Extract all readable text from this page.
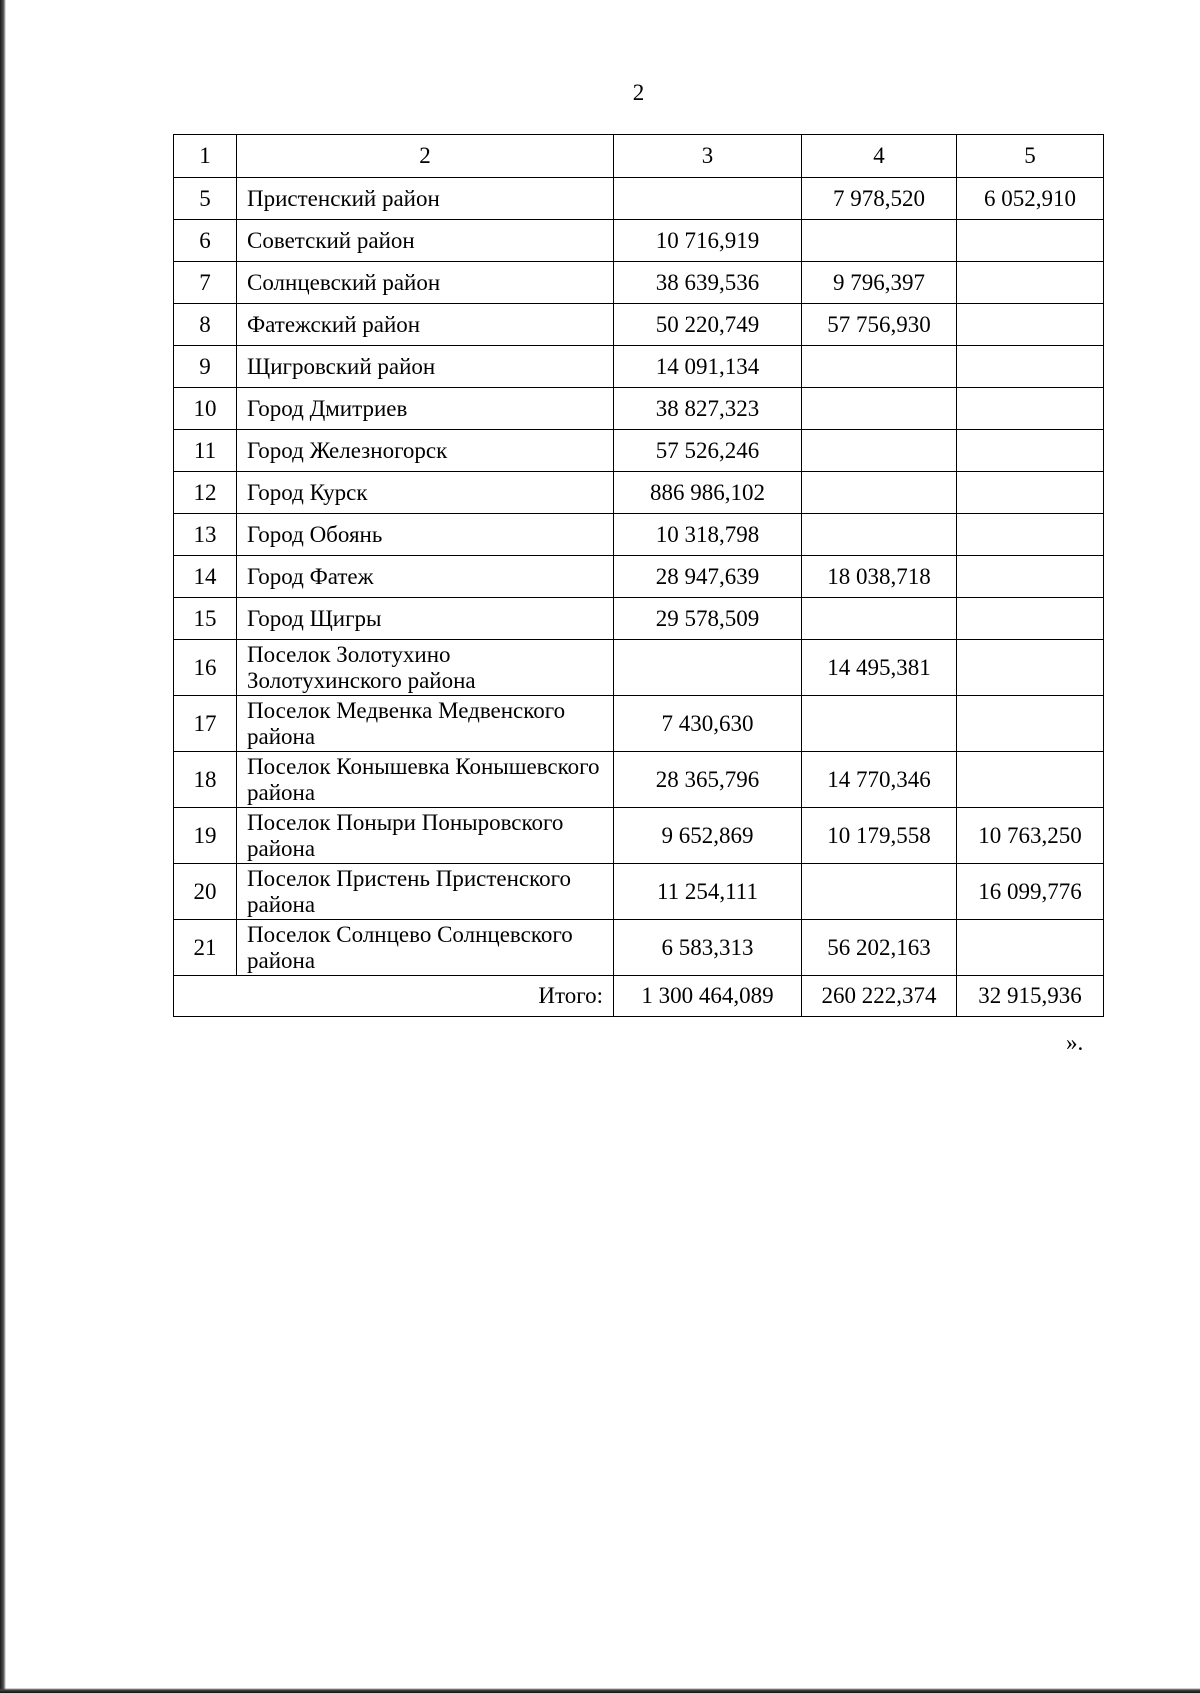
2
1	2	3	4	5
5	Пристенский район		7 978,520	6 052,910
6	Советский район	10 716,919		
7	Солнцевский район	38 639,536	9 796,397	
8	Фатежский район	50 220,749	57 756,930	
9	Щигровский район	14 091,134		
10	Город Дмитриев	38 827,323		
11	Город Железногорск	57 526,246		
12	Город Курск	886 986,102		
13	Город Обоянь	10 318,798		
14	Город Фатеж	28 947,639	18 038,718	
15	Город Щигры	29 578,509		
16	Поселок Золотухино Золотухинского района		14 495,381	
17	Поселок Медвенка Медвенского района	7 430,630		
18	Поселок Конышевка Конышевского района	28 365,796	14 770,346	
19	Поселок Поныри Поныровского района	9 652,869	10 179,558	10 763,250
20	Поселок Пристень Пристенского района	11 254,111		16 099,776
21	Поселок Солнцево Солнцевского района	6 583,313	56 202,163	
Итого:		1 300 464,089	260 222,374	32 915,936
».
